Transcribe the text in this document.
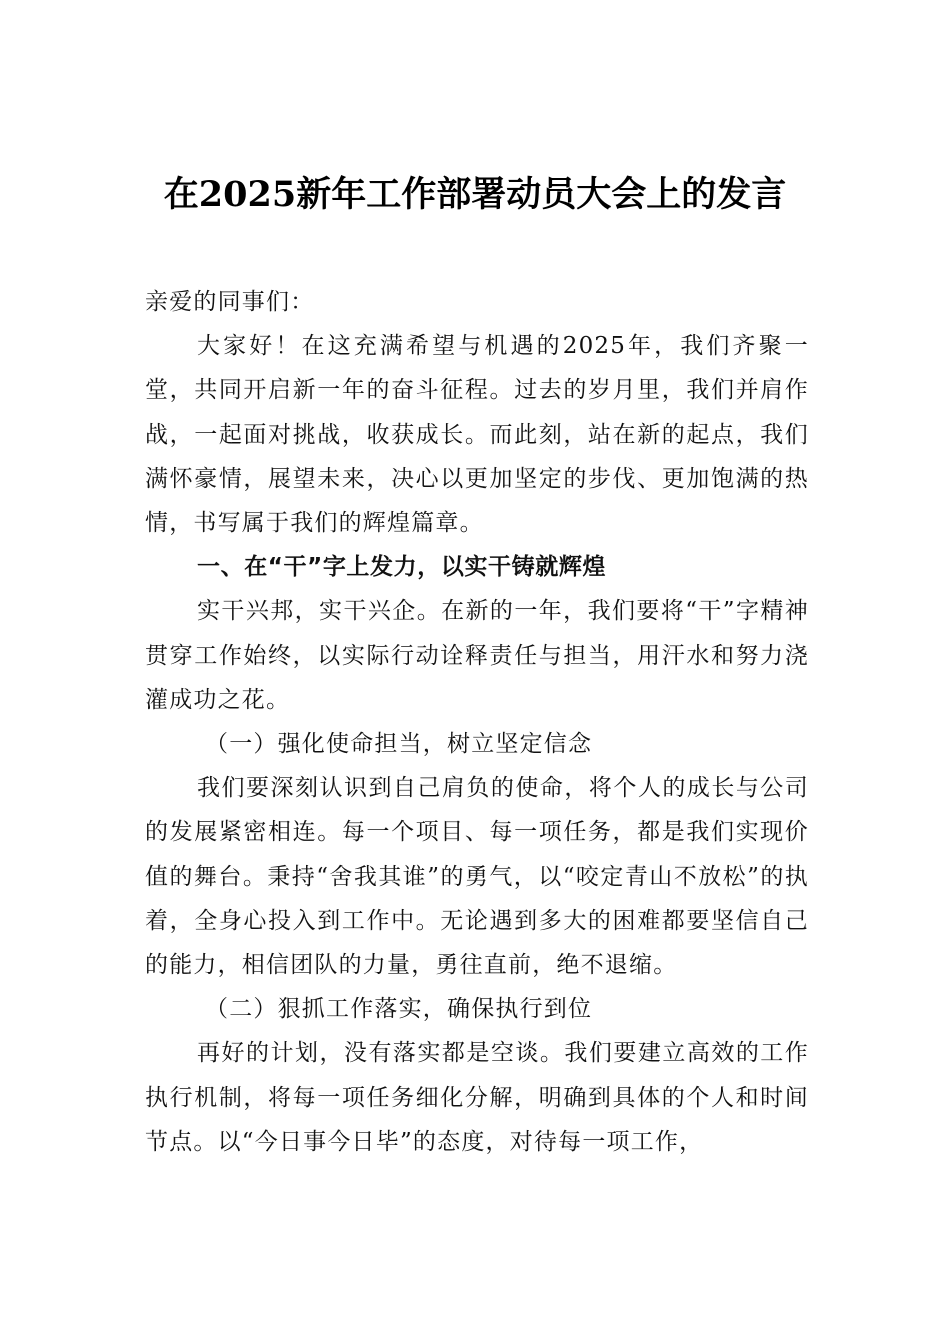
在2025新年工作部署动员大会上的发言

亲爱的同事们：

大家好！在这充满希望与机遇的2025年，我们齐聚一堂，共同开启新一年的奋斗征程。过去的岁月里，我们并肩作战，一起面对挑战，收获成长。而此刻，站在新的起点，我们满怀豪情，展望未来，决心以更加坚定的步伐、更加饱满的热情，书写属于我们的辉煌篇章。

一、在“干”字上发力，以实干铸就辉煌

实干兴邦，实干兴企。在新的一年，我们要将“干”字精神贯穿工作始终，以实际行动诠释责任与担当，用汗水和努力浇灌成功之花。

（一）强化使命担当，树立坚定信念

我们要深刻认识到自己肩负的使命，将个人的成长与公司的发展紧密相连。每一个项目、每一项任务，都是我们实现价值的舞台。秉持“舍我其谁”的勇气，以“咬定青山不放松”的执着，全身心投入到工作中。无论遇到多大的困难都要坚信自己的能力，相信团队的力量，勇往直前，绝不退缩。

（二）狠抓工作落实，确保执行到位

再好的计划，没有落实都是空谈。我们要建立高效的工作执行机制，将每一项任务细化分解，明确到具体的个人和时间节点。以“今日事今日毕”的态度，对待每一项工作，
